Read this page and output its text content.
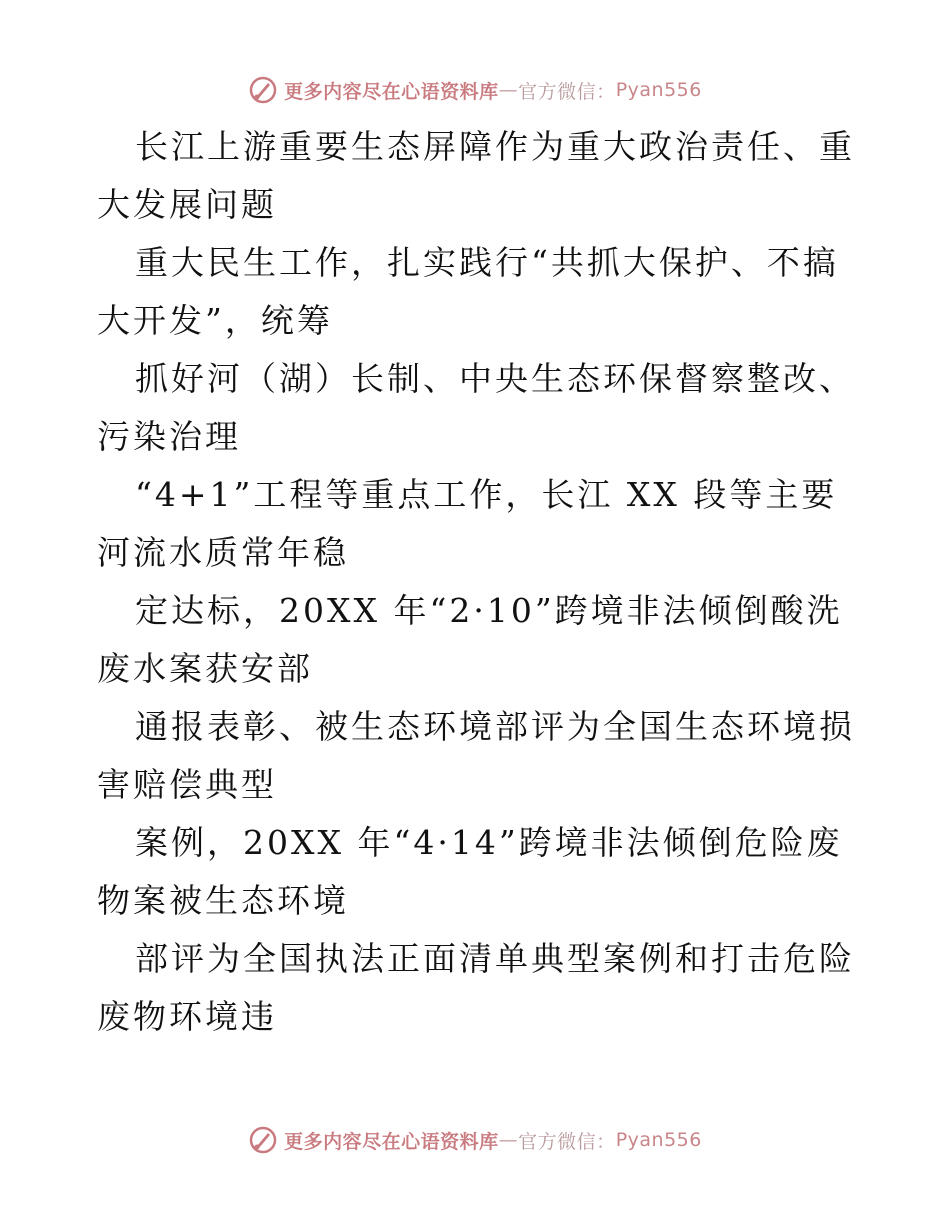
更多内容尽在心语资料库 — 官方微信： Pyan556

长江上游重要生态屏障作为重大政治责任、重大发展问题

重大民生工作，扎实践行“共抓大保护、不搞大开发”，统筹

抓好河（湖）长制、中央生态环保督察整改、污染治理

“4+1”工程等重点工作，长江 XX 段等主要河流水质常年稳

定达标，20XX 年“2·10”跨境非法倾倒酸洗废水案获安部

通报表彰、被生态环境部评为全国生态环境损害赔偿典型

案例，20XX 年“4·14”跨境非法倾倒危险废物案被生态环境

部评为全国执法正面清单典型案例和打击危险废物环境违

更多内容尽在心语资料库 — 官方微信： Pyan556
